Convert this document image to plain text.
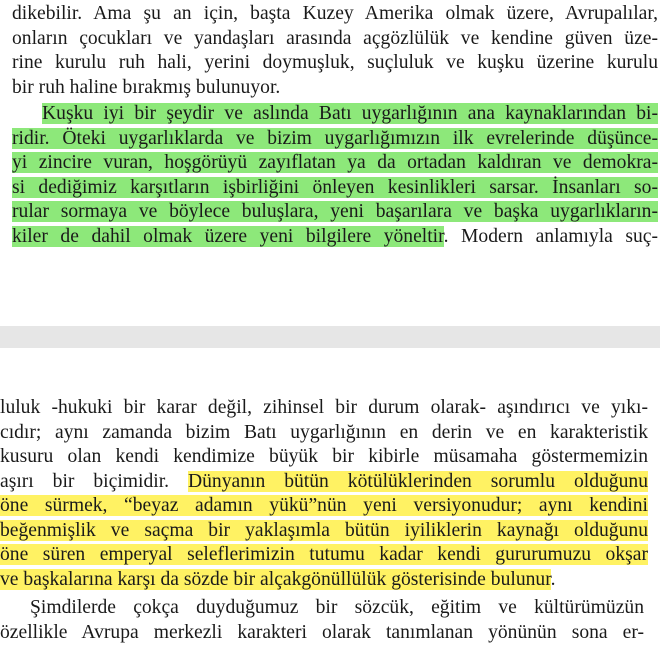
dikebilir. Ama şu an için, başta Kuzey Amerika olmak üzere, Avrupalılar,
onların çocukları ve yandaşları arasında açgözlülük ve kendine güven üze-
rine kurulu ruh hali, yerini doymuşluk, suçluluk ve kuşku üzerine kurulu
bir ruh haline bırakmış bulunuyor.
Kuşku iyi bir şeydir ve aslında Batı uygarlığının ana kaynaklarından bi-
ridir. Öteki uygarlıklarda ve bizim uygarlığımızın ilk evrelerinde düşünce-
yi zincire vuran, hoşgörüyü zayıflatan ya da ortadan kaldıran ve demokra-
si dediğimiz karşıtların işbirliğini önleyen kesinlikleri sarsar. İnsanları so-
rular sormaya ve böylece buluşlara, yeni başarılara ve başka uygarlıkların-
kiler de dahil olmak üzere yeni bilgilere yöneltir. Modern anlamıyla suç-
luluk -hukuki bir karar değil, zihinsel bir durum olarak- aşındırıcı ve yıkı-
cıdır; aynı zamanda bizim Batı uygarlığının en derin ve en karakteristik
kusuru olan kendi kendimize büyük bir kibirle müsamaha göstermemizin
aşırı bir biçimidir. Dünyanın bütün kötülüklerinden sorumlu olduğunu
öne sürmek, “beyaz adamın yükü”nün yeni versiyonudur; aynı kendini
beğenmişlik ve saçma bir yaklaşımla bütün iyiliklerin kaynağı olduğunu
öne süren emperyal seleflerimizin tutumu kadar kendi gururumuzu okşar
ve başkalarına karşı da sözde bir alçakgönüllülük gösterisinde bulunur.
Şimdilerde çokça duyduğumuz bir sözcük, eğitim ve kültürümüzün
özellikle Avrupa merkezli karakteri olarak tanımlanan yönünün sona er-
